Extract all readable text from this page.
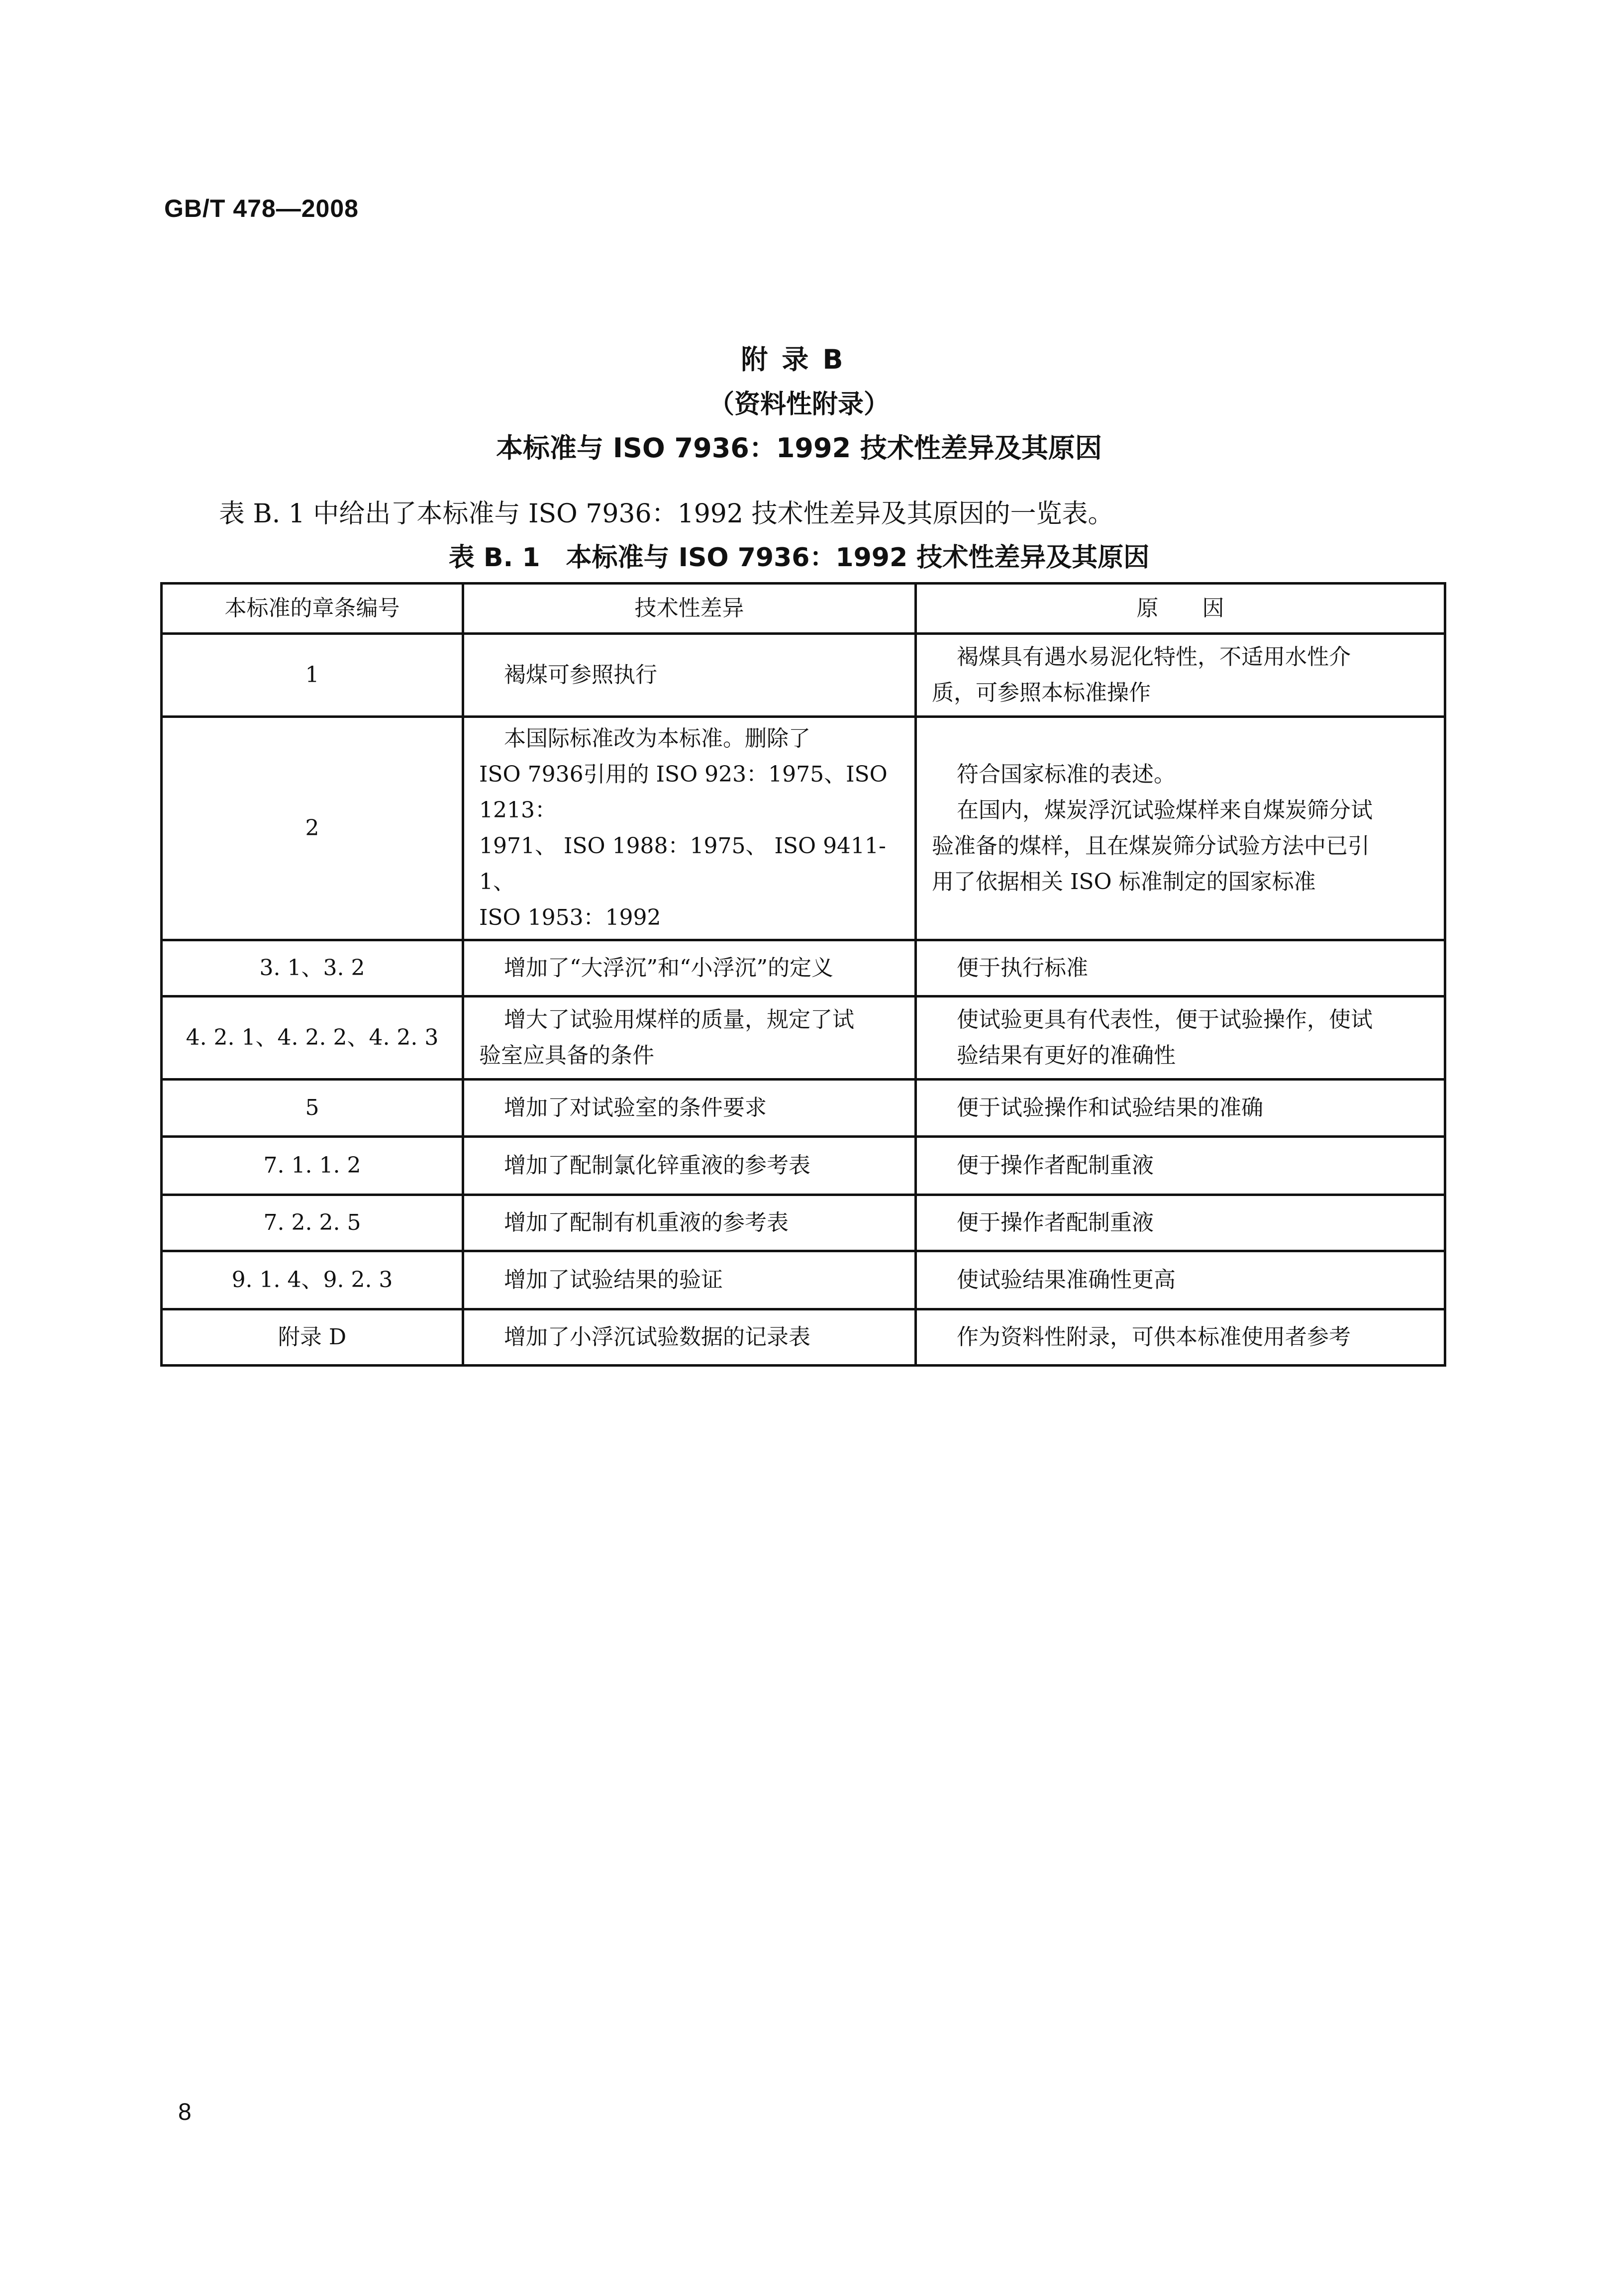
GB/T 478—2008
附录B
（资料性附录）
本标准与 ISO 7936：1992 技术性差异及其原因
表 B. 1 中给出了本标准与 ISO 7936：1992 技术性差异及其原因的一览表。
表 B. 1　本标准与 ISO 7936：1992 技术性差异及其原因
本标准的章条编号	技术性差异	原　　因
1	褐煤可参照执行	褐煤具有遇水易泥化特性，不适用水性介
质，可参照本标准操作

2	本国际标准改为本标准。删除了
ISO 7936引用的 ISO 923：1975、ISO 1213：
1971、 ISO 1988：1975、 ISO 9411-1、
ISO 1953：1992	符合国家标准的表述。
在国内，煤炭浮沉试验煤样来自煤炭筛分试
验准备的煤样，且在煤炭筛分试验方法中已引
用了依据相关 ISO 标准制定的国家标准

3. 1、3. 2	增加了“大浮沉”和“小浮沉”的定义	便于执行标准

4. 2. 1、4. 2. 2、4. 2. 3	增大了试验用煤样的质量，规定了试
验室应具备的条件	使试验更具有代表性，便于试验操作，使试
验结果有更好的准确性

5	增加了对试验室的条件要求	便于试验操作和试验结果的准确

7. 1. 1. 2	增加了配制氯化锌重液的参考表	便于操作者配制重液

7. 2. 2. 5	增加了配制有机重液的参考表	便于操作者配制重液

9. 1. 4、9. 2. 3	增加了试验结果的验证	使试验结果准确性更高

附录 D	增加了小浮沉试验数据的记录表	作为资料性附录，可供本标准使用者参考
8
